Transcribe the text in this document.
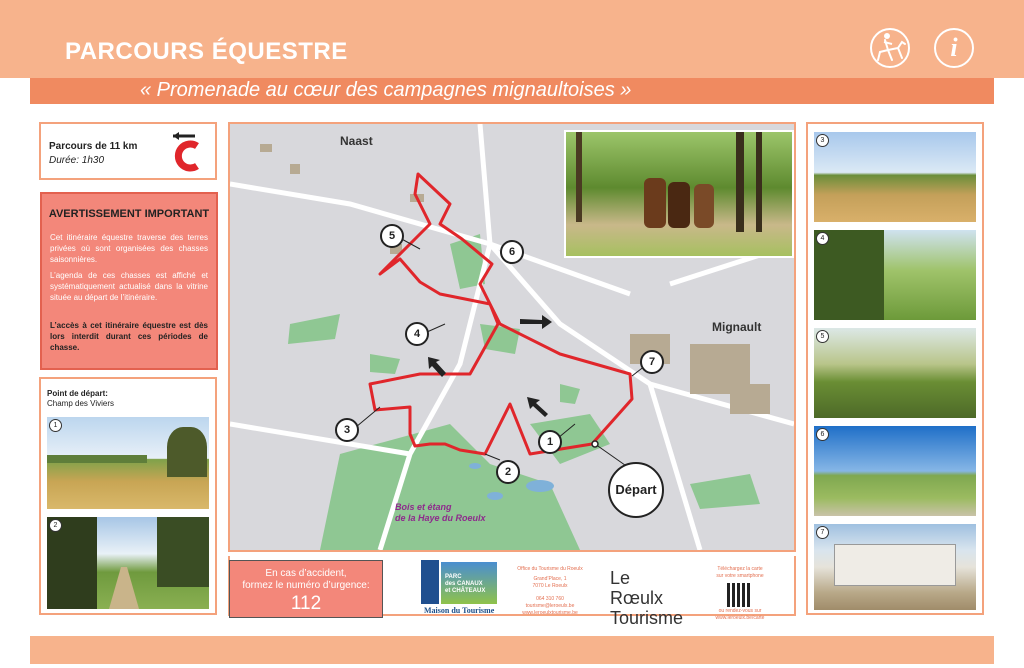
PARCOURS ÉQUESTRE	i
« Promenade au cœur des campagnes mignaultoises »
Parcours de 11 km
Durée: 1h30
AVERTISSEMENT IMPORTANT
Cet itinéraire équestre traverse des terres privées où sont organisées des chasses saisonnières.
L’agenda de ces chasses est affiché et systématiquement actualisé dans la vitrine située au départ de l’itinéraire.
L’accès à cet itinéraire équestre est dès lors interdit durant ces périodes de chasse.
Point de départ:
Champ des Viviers
1
2
5
6
4
3
1
2
7
Départ
Naast
Mignault
Bois et étang
de la Haye du Roeulx
3
4
5
6
7
En cas d’accident,
formez le numéro d’urgence:
112
PARC
des CANAUX
et CHÂTEAUX
Maison du Tourisme
Office du Tourisme du Roeulx
Grand’Place, 1
7070 Le Roeulx
064 310 760
tourisme@leroeulx.be
www.leroeulxtourisme.be
Le
Rœulx
Tourisme
Téléchargez la carte
sur votre smartphone
ou rendez-vous sur
www.leroeulx.be/carte
